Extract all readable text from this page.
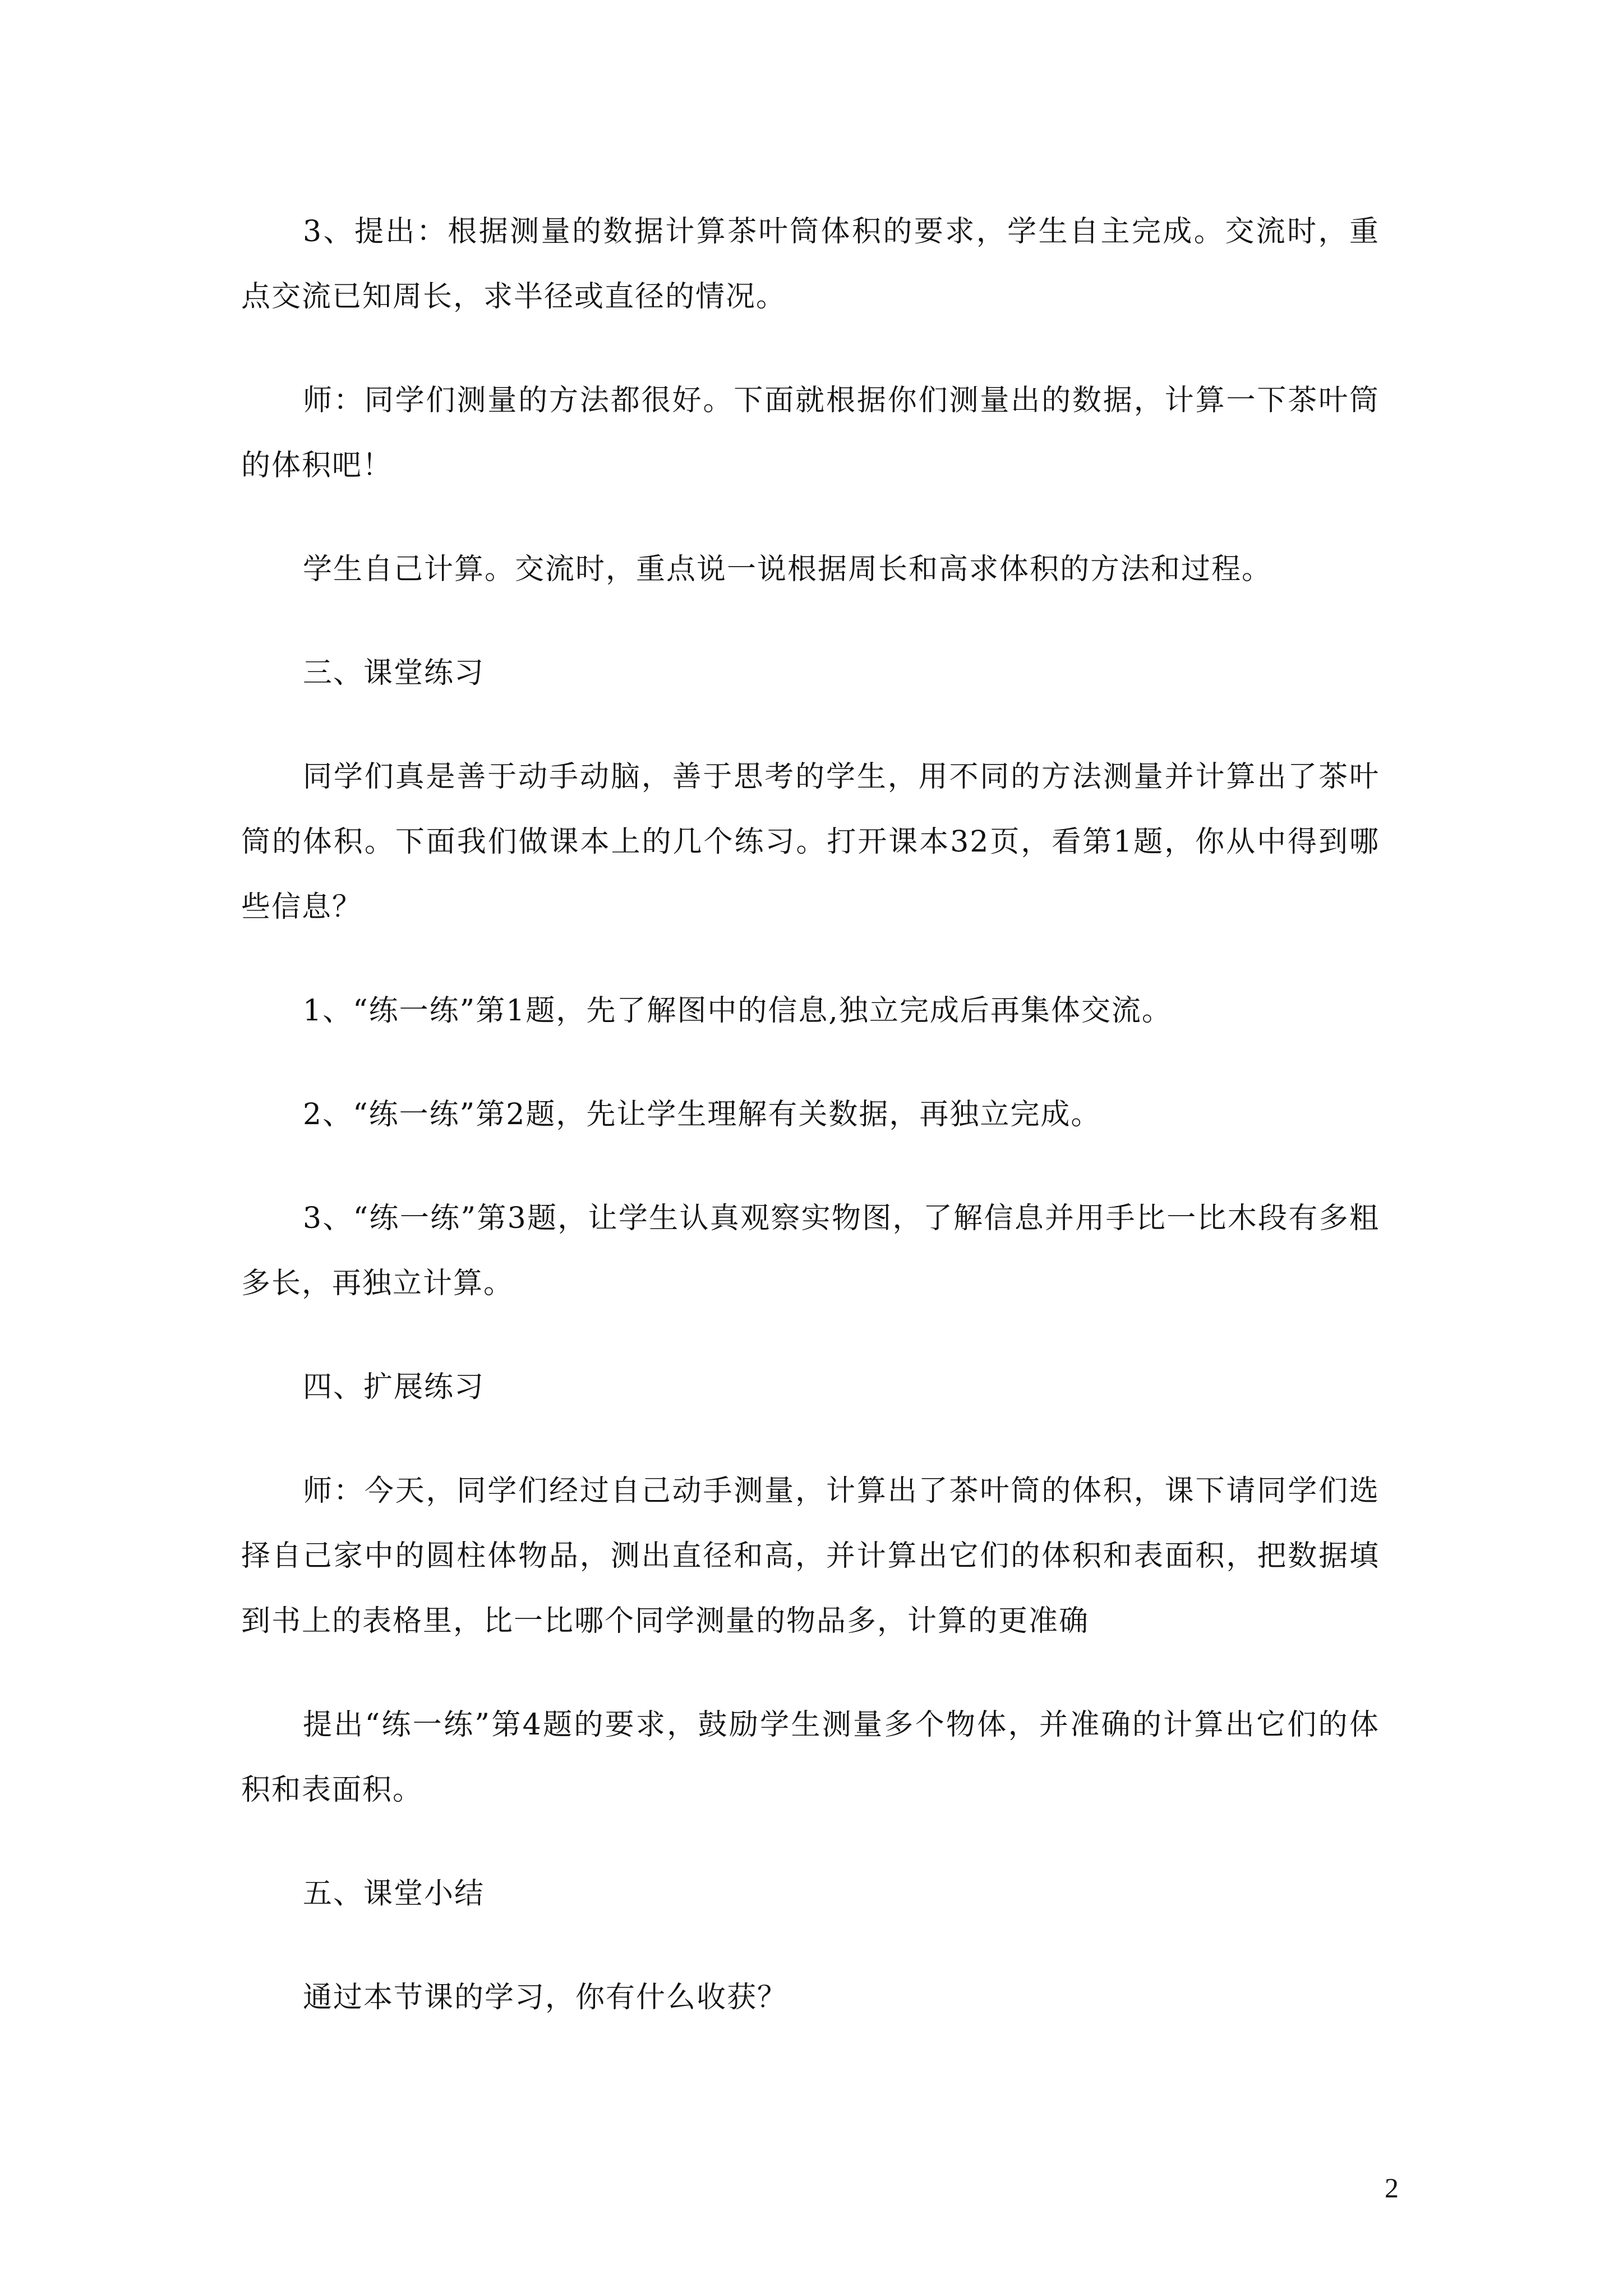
3、提出：根据测量的数据计算茶叶筒体积的要求，学生自主完成。交流时，重点交流已知周长，求半径或直径的情况。

师：同学们测量的方法都很好。下面就根据你们测量出的数据，计算一下茶叶筒的体积吧！

学生自己计算。交流时，重点说一说根据周长和高求体积的方法和过程。

三、课堂练习

同学们真是善于动手动脑，善于思考的学生，用不同的方法测量并计算出了茶叶筒的体积。下面我们做课本上的几个练习。打开课本32页，看第1题，你从中得到哪些信息？

1、“练一练”第1题，先了解图中的信息,独立完成后再集体交流。

2、“练一练”第2题，先让学生理解有关数据，再独立完成。

3、“练一练”第3题，让学生认真观察实物图，了解信息并用手比一比木段有多粗多长，再独立计算。

四、扩展练习

师：今天，同学们经过自己动手测量，计算出了茶叶筒的体积，课下请同学们选择自己家中的圆柱体物品，测出直径和高，并计算出它们的体积和表面积，把数据填到书上的表格里，比一比哪个同学测量的物品多，计算的更准确

提出“练一练”第4题的要求，鼓励学生测量多个物体，并准确的计算出它们的体积和表面积。

五、课堂小结

通过本节课的学习，你有什么收获？

2
